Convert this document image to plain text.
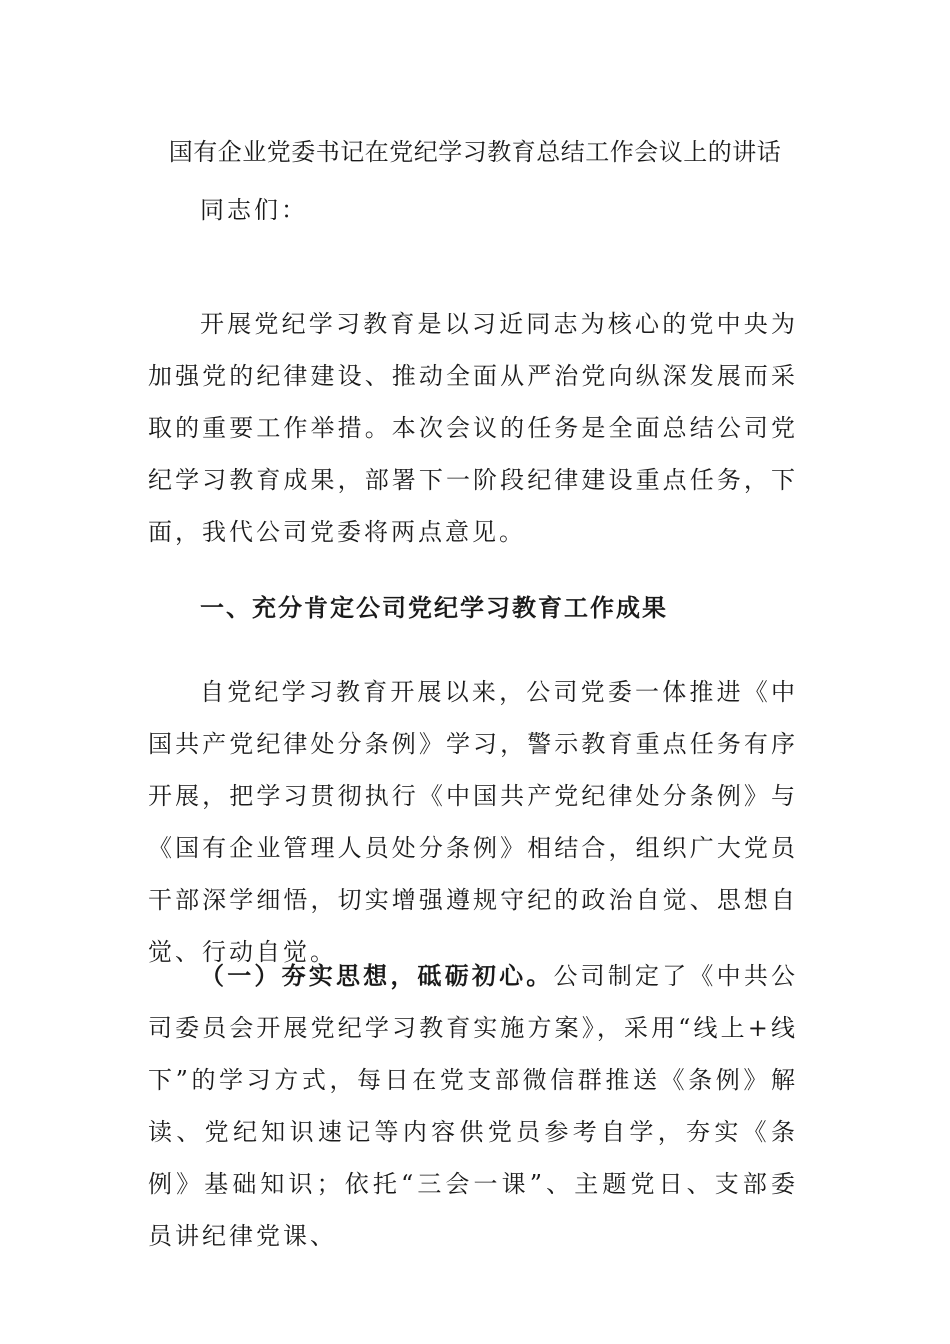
国有企业党委书记在党纪学习教育总结工作会议上的讲话

同志们：

开展党纪学习教育是以习近同志为核心的党中央为加强党的纪律建设、推动全面从严治党向纵深发展而采取的重要工作举措。本次会议的任务是全面总结公司党纪学习教育成果，部署下一阶段纪律建设重点任务，下面，我代公司党委将两点意见。

一、充分肯定公司党纪学习教育工作成果

自党纪学习教育开展以来，公司党委一体推进《中国共产党纪律处分条例》学习，警示教育重点任务有序开展，把学习贯彻执行《中国共产党纪律处分条例》与《国有企业管理人员处分条例》相结合，组织广大党员干部深学细悟，切实增强遵规守纪的政治自觉、思想自觉、行动自觉。

（一）夯实思想，砥砺初心。公司制定了《中共公司委员会开展党纪学习教育实施方案》，采用“线上+线下”的学习方式，每日在党支部微信群推送《条例》解读、党纪知识速记等内容供党员参考自学，夯实《条例》基础知识；依托“三会一课”、主题党日、支部委员讲纪律党课、
